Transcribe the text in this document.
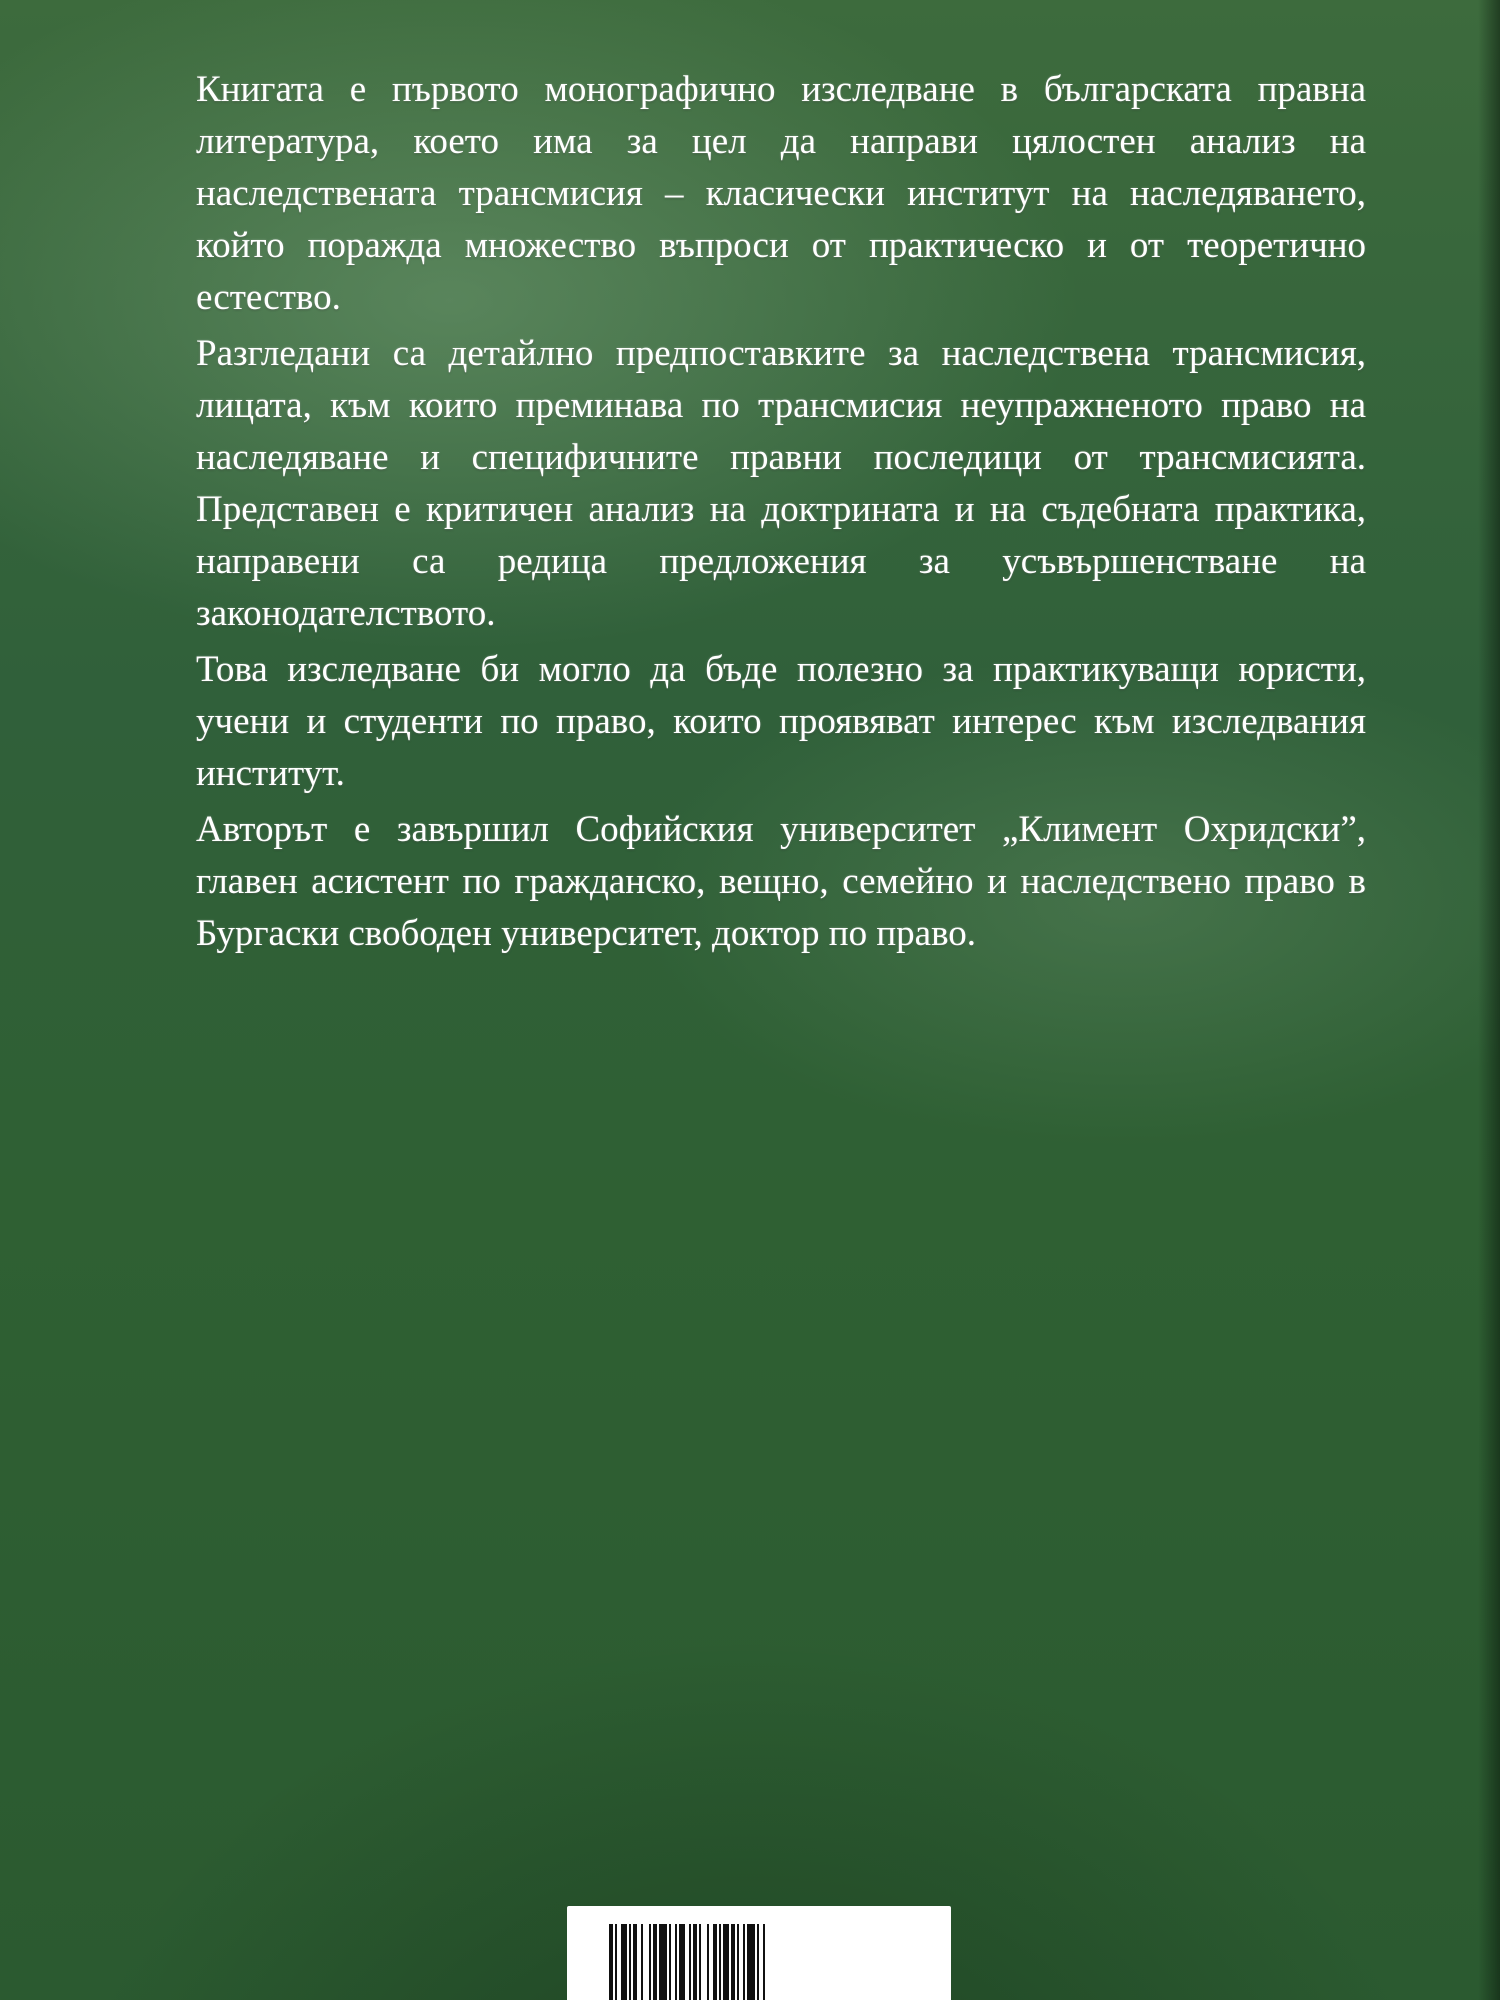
Книгата е първото монографично изследване в българската правна литература, което има за цел да направи цялостен анализ на наследствената трансмисия – класически институт на наследяването, който поражда множество въпроси от практическо и от теоретично естество.

Разгледани са детайлно предпоставките за наследствена трансмисия, лицата, към които преминава по трансмисия неупражненото право на наследяване и специфичните правни последици от трансмисията. Представен е критичен анализ на доктрината и на съдебната практика, направени са редица предложения за усъвършенстване на законодателството.

Това изследване би могло да бъде полезно за практикуващи юристи, учени и студенти по право, които проявяват интерес към изследвания институт.

Авторът е завършил Софийския университет „Климент Охридски”, главен асистент по гражданско, вещно, семейно и наследствено право в Бургаски свободен университет, доктор по право.
